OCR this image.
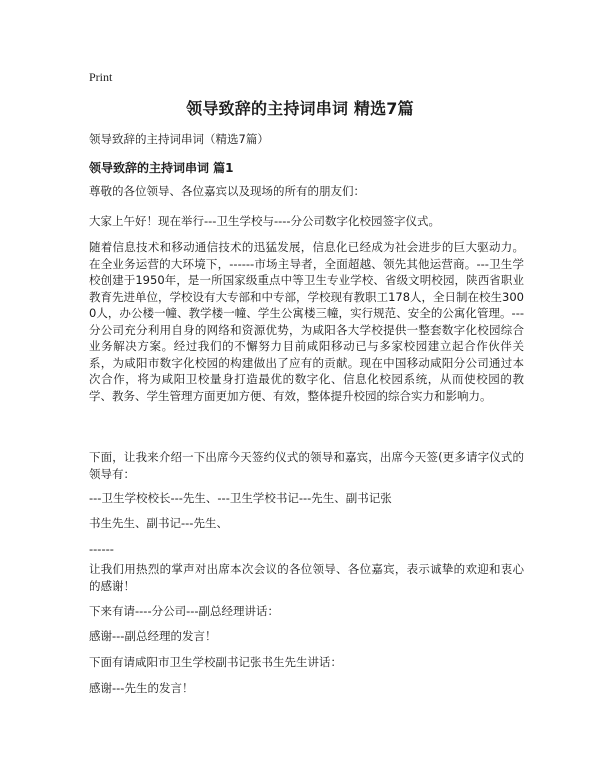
Print
领导致辞的主持词串词 精选7篇

领导致辞的主持词串词（精选7篇）

领导致辞的主持词串词 篇1

尊敬的各位领导、各位嘉宾以及现场的所有的朋友们：

大家上午好！现在举行---卫生学校与----分公司数字化校园签字仪式。

随着信息技术和移动通信技术的迅猛发展，信息化已经成为社会进步的巨大驱动力。在全业务运营的大环境下，------市场主导者，全面超越、领先其他运营商。---卫生学校创建于1950年，是一所国家级重点中等卫生专业学校、省级文明校园，陕西省职业教育先进单位，学校设有大专部和中专部，学校现有教职工178人，全日制在校生3000人，办公楼一幢、教学楼一幢、学生公寓楼三幢，实行规范、安全的公寓化管理。---分公司充分利用自身的网络和资源优势，为咸阳各大学校提供一整套数字化校园综合业务解决方案。经过我们的不懈努力目前咸阳移动已与多家校园建立起合作伙伴关系，为咸阳市数字化校园的构建做出了应有的贡献。现在中国移动咸阳分公司通过本次合作，将为咸阳卫校量身打造最优的数字化、信息化校园系统，从而使校园的教学、教务、学生管理方面更加方便、有效，整体提升校园的综合实力和影响力。

下面，让我来介绍一下出席今天签约仪式的领导和嘉宾，出席今天签(更多请字仪式的领导有：

---卫生学校校长---先生、---卫生学校书记---先生、副书记张

书生先生、副书记---先生、

------

让我们用热烈的掌声对出席本次会议的各位领导、各位嘉宾，表示诚挚的欢迎和衷心的感谢！

下来有请----分公司---副总经理讲话：

感谢---副总经理的发言！

下面有请咸阳市卫生学校副书记张书生先生讲话：

感谢---先生的发言！
